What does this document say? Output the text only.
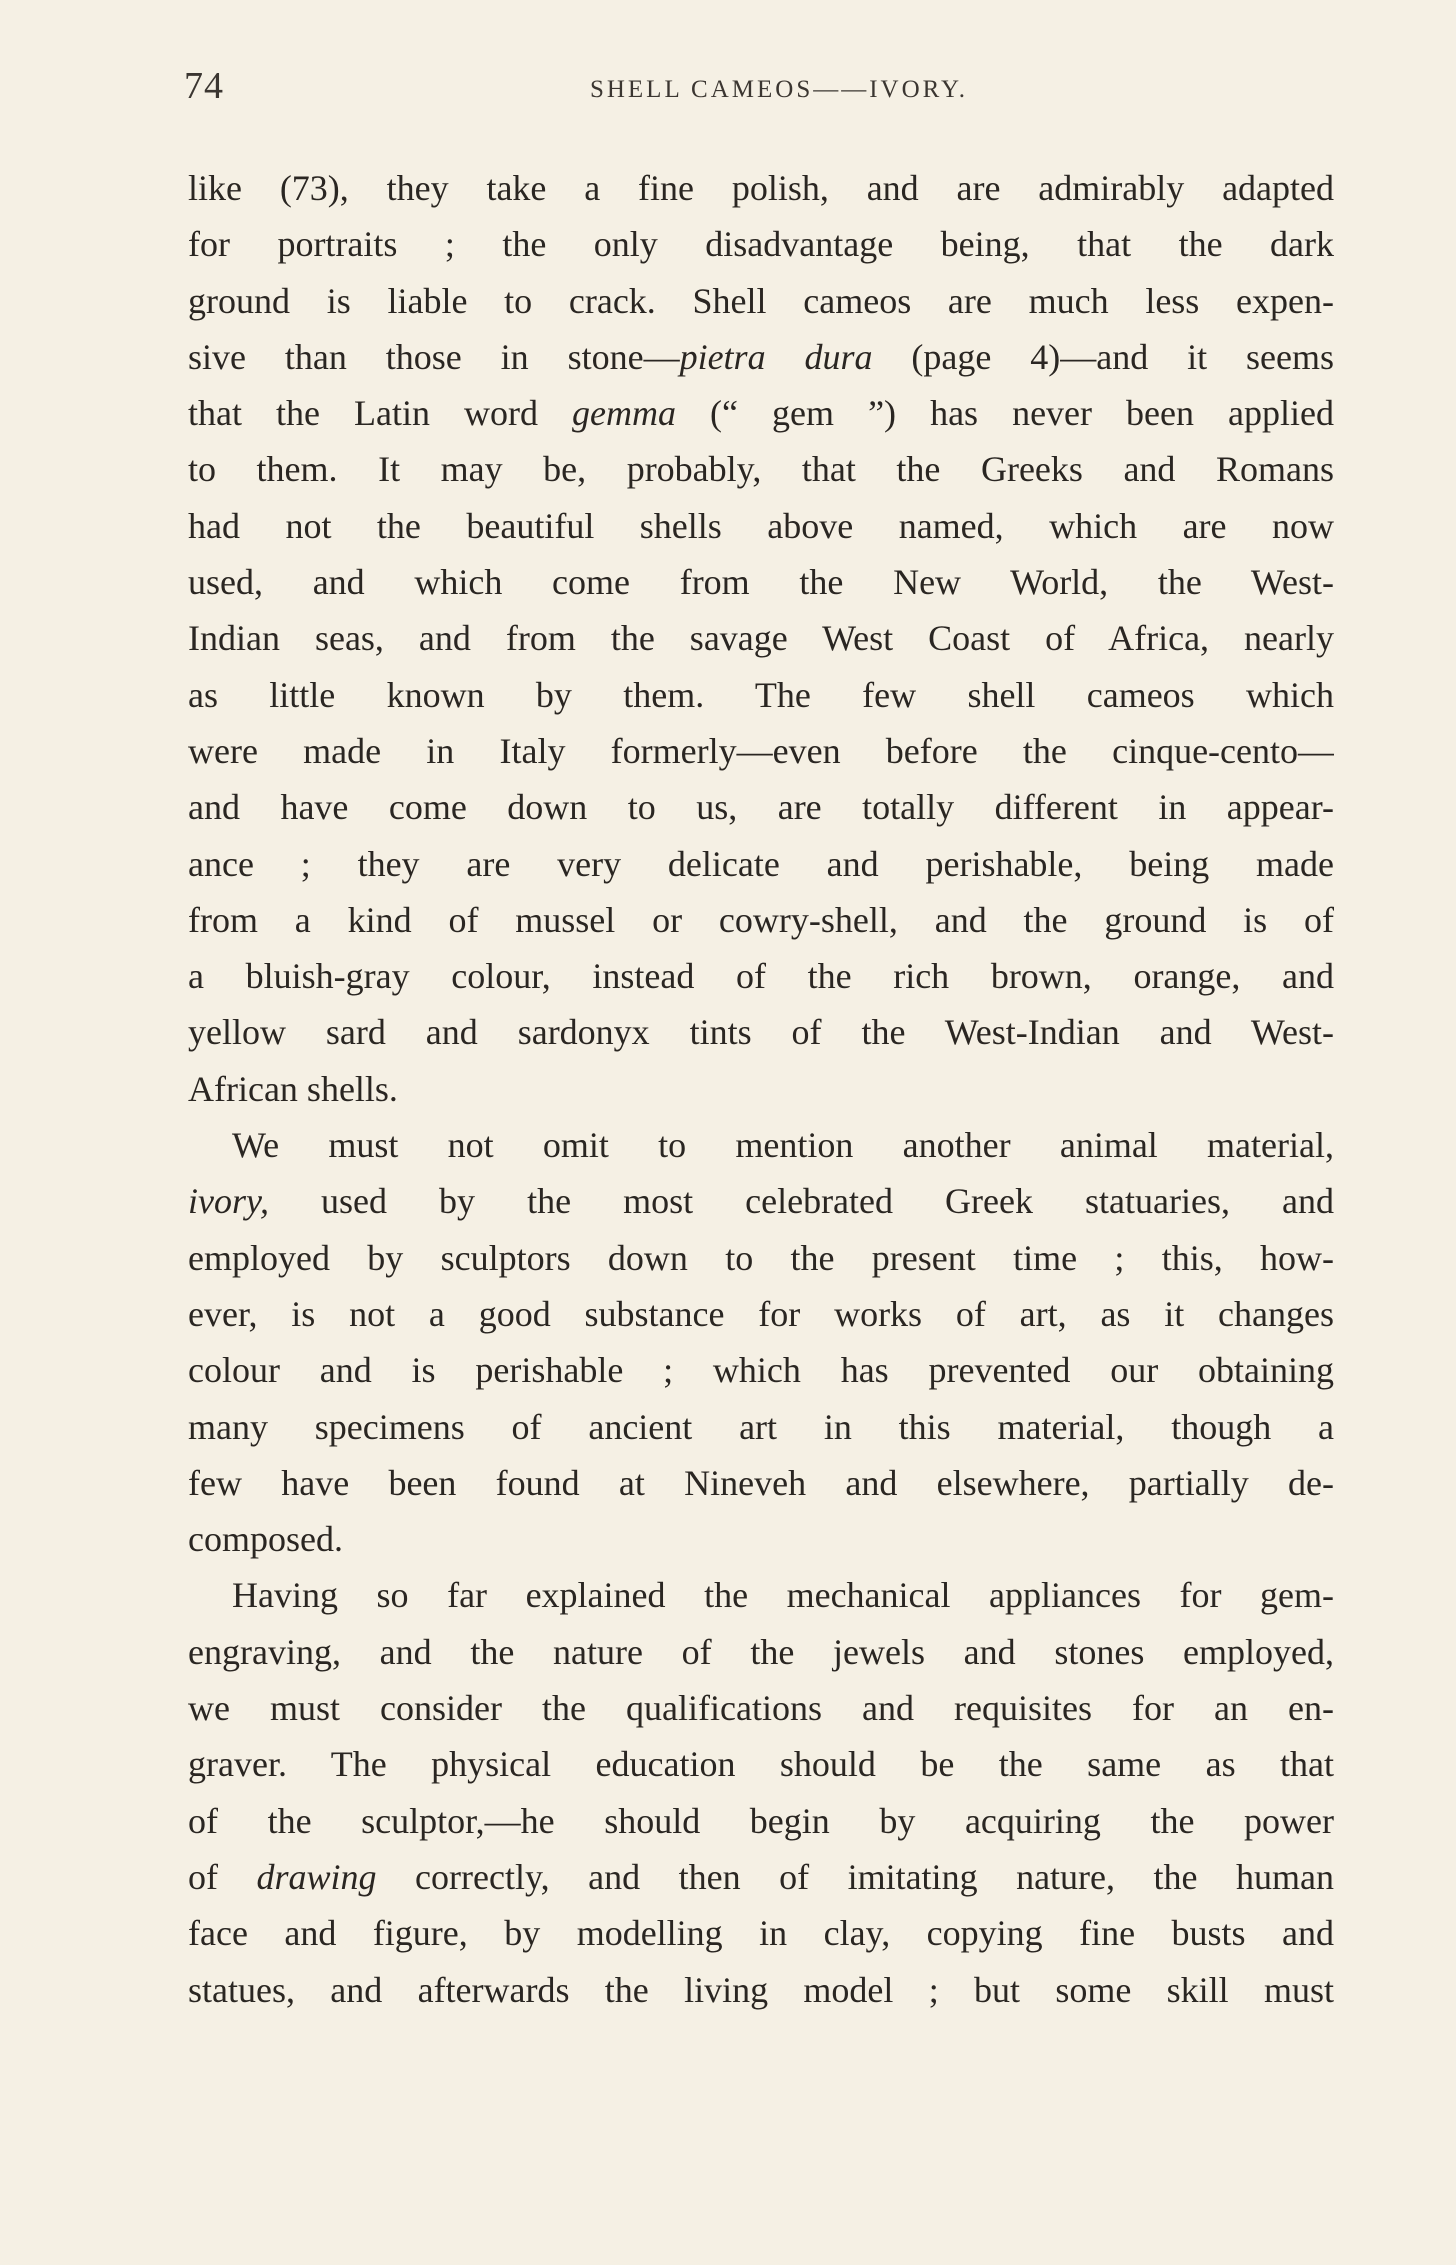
74	SHELL CAMEOS——IVORY.
like (73), they take a fine polish, and are admirably adapted
for portraits ; the only disadvantage being, that the dark
ground is liable to crack. Shell cameos are much less expen-
sive than those in stone—pietra dura (page 4)—and it seems
that the Latin word gemma (“ gem ”) has never been applied
to them. It may be, probably, that the Greeks and Romans
had not the beautiful shells above named, which are now
used, and which come from the New World, the West-
Indian seas, and from the savage West Coast of Africa, nearly
as little known by them. The few shell cameos which
were made in Italy formerly—even before the cinque-cento—
and have come down to us, are totally different in appear-
ance ; they are very delicate and perishable, being made
from a kind of mussel or cowry-shell, and the ground is of
a bluish-gray colour, instead of the rich brown, orange, and
yellow sard and sardonyx tints of the West-Indian and West-
African shells.
We must not omit to mention another animal material,
ivory, used by the most celebrated Greek statuaries, and
employed by sculptors down to the present time ; this, how-
ever, is not a good substance for works of art, as it changes
colour and is perishable ; which has prevented our obtaining
many specimens of ancient art in this material, though a
few have been found at Nineveh and elsewhere, partially de-
composed.
Having so far explained the mechanical appliances for gem-
engraving, and the nature of the jewels and stones employed,
we must consider the qualifications and requisites for an en-
graver. The physical education should be the same as that
of the sculptor,—he should begin by acquiring the power
of drawing correctly, and then of imitating nature, the human
face and figure, by modelling in clay, copying fine busts and
statues, and afterwards the living model ; but some skill must
